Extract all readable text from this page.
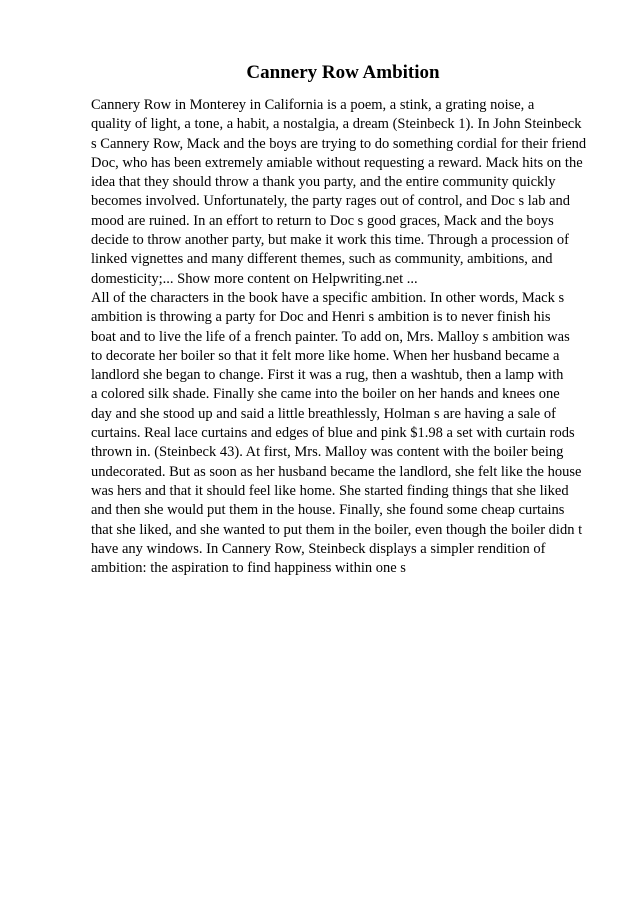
Cannery Row Ambition
Cannery Row in Monterey in California is a poem, a stink, a grating noise, a
quality of light, a tone, a habit, a nostalgia, a dream (Steinbeck 1). In John Steinbeck
s Cannery Row, Mack and the boys are trying to do something cordial for their friend
Doc, who has been extremely amiable without requesting a reward. Mack hits on the
idea that they should throw a thank you party, and the entire community quickly
becomes involved. Unfortunately, the party rages out of control, and Doc s lab and
mood are ruined. In an effort to return to Doc s good graces, Mack and the boys
decide to throw another party, but make it work this time. Through a procession of
linked vignettes and many different themes, such as community, ambitions, and
domesticity;... Show more content on Helpwriting.net ...
All of the characters in the book have a specific ambition. In other words, Mack s
ambition is throwing a party for Doc and Henri s ambition is to never finish his
boat and to live the life of a french painter. To add on, Mrs. Malloy s ambition was
to decorate her boiler so that it felt more like home. When her husband became a
landlord she began to change. First it was a rug, then a washtub, then a lamp with
a colored silk shade. Finally she came into the boiler on her hands and knees one
day and she stood up and said a little breathlessly, Holman s are having a sale of
curtains. Real lace curtains and edges of blue and pink $1.98 a set with curtain rods
thrown in. (Steinbeck 43). At first, Mrs. Malloy was content with the boiler being
undecorated. But as soon as her husband became the landlord, she felt like the house
was hers and that it should feel like home. She started finding things that she liked
and then she would put them in the house. Finally, she found some cheap curtains
that she liked, and she wanted to put them in the boiler, even though the boiler didn t
have any windows. In Cannery Row, Steinbeck displays a simpler rendition of
ambition: the aspiration to find happiness within one s
